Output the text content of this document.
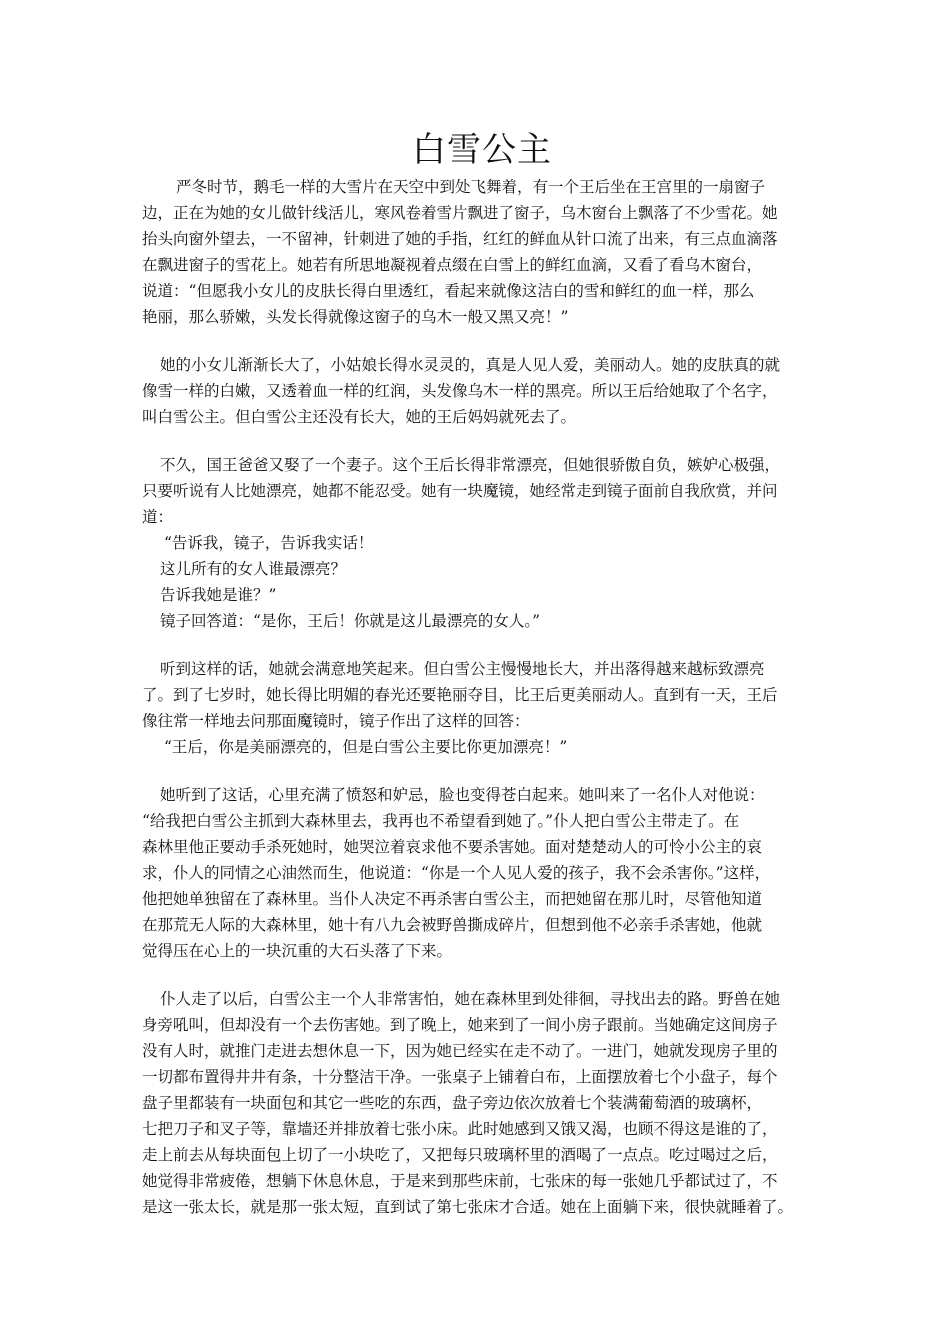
白雪公主
严冬时节，鹅毛一样的大雪片在天空中到处飞舞着，有一个王后坐在王宫里的一扇窗子
边，正在为她的女儿做针线活儿，寒风卷着雪片飘进了窗子，乌木窗台上飘落了不少雪花。她
抬头向窗外望去，一不留神，针刺进了她的手指，红红的鲜血从针口流了出来，有三点血滴落
在飘进窗子的雪花上。她若有所思地凝视着点缀在白雪上的鲜红血滴，又看了看乌木窗台，
说道：“但愿我小女儿的皮肤长得白里透红，看起来就像这洁白的雪和鲜红的血一样，那么
艳丽，那么骄嫩，头发长得就像这窗子的乌木一般又黑又亮！”
她的小女儿渐渐长大了，小姑娘长得水灵灵的，真是人见人爱，美丽动人。她的皮肤真的就
像雪一样的白嫩，又透着血一样的红润，头发像乌木一样的黑亮。所以王后给她取了个名字，
叫白雪公主。但白雪公主还没有长大，她的王后妈妈就死去了。
不久，国王爸爸又娶了一个妻子。这个王后长得非常漂亮，但她很骄傲自负，嫉妒心极强，
只要听说有人比她漂亮，她都不能忍受。她有一块魔镜，她经常走到镜子面前自我欣赏，并问
道：
“告诉我，镜子，告诉我实话！
这儿所有的女人谁最漂亮？
告诉我她是谁？”
镜子回答道：“是你，王后！你就是这儿最漂亮的女人。”
听到这样的话，她就会满意地笑起来。但白雪公主慢慢地长大，并出落得越来越标致漂亮
了。到了七岁时，她长得比明媚的春光还要艳丽夺目，比王后更美丽动人。直到有一天，王后
像往常一样地去问那面魔镜时，镜子作出了这样的回答：
“王后，你是美丽漂亮的，但是白雪公主要比你更加漂亮！”
她听到了这话，心里充满了愤怒和妒忌，脸也变得苍白起来。她叫来了一名仆人对他说：
“给我把白雪公主抓到大森林里去，我再也不希望看到她了。”仆人把白雪公主带走了。在
森林里他正要动手杀死她时，她哭泣着哀求他不要杀害她。面对楚楚动人的可怜小公主的哀
求，仆人的同情之心油然而生，他说道：“你是一个人见人爱的孩子，我不会杀害你。”这样，
他把她单独留在了森林里。当仆人决定不再杀害白雪公主，而把她留在那儿时，尽管他知道
在那荒无人际的大森林里，她十有八九会被野兽撕成碎片，但想到他不必亲手杀害她，他就
觉得压在心上的一块沉重的大石头落了下来。
仆人走了以后，白雪公主一个人非常害怕，她在森林里到处徘徊，寻找出去的路。野兽在她
身旁吼叫，但却没有一个去伤害她。到了晚上，她来到了一间小房子跟前。当她确定这间房子
没有人时，就推门走进去想休息一下，因为她已经实在走不动了。一进门，她就发现房子里的
一切都布置得井井有条，十分整洁干净。一张桌子上铺着白布，上面摆放着七个小盘子，每个
盘子里都装有一块面包和其它一些吃的东西，盘子旁边依次放着七个装满葡萄酒的玻璃杯，
七把刀子和叉子等，靠墙还并排放着七张小床。此时她感到又饿又渴，也顾不得这是谁的了，
走上前去从每块面包上切了一小块吃了，又把每只玻璃杯里的酒喝了一点点。吃过喝过之后，
她觉得非常疲倦，想躺下休息休息，于是来到那些床前，七张床的每一张她几乎都试过了，不
是这一张太长，就是那一张太短，直到试了第七张床才合适。她在上面躺下来，很快就睡着了。
